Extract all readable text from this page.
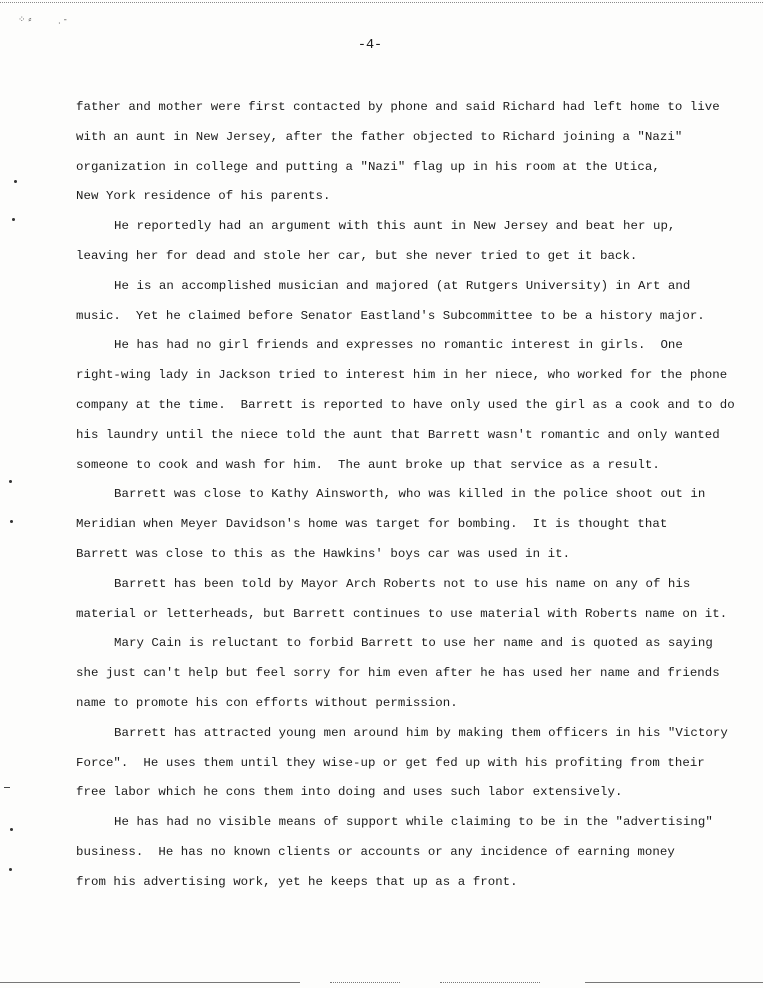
⁘ ⸗	⸒ -
-4-
father and mother were first contacted by phone and said Richard had left home to live
with an aunt in New Jersey, after the father objected to Richard joining a "Nazi"
organization in college and putting a "Nazi" flag up in his room at the Utica,
New York residence of his parents.
He reportedly had an argument with this aunt in New Jersey and beat her up,
leaving her for dead and stole her car, but she never tried to get it back.
He is an accomplished musician and majored (at Rutgers University) in Art and
music.  Yet he claimed before Senator Eastland's Subcommittee to be a history major.
He has had no girl friends and expresses no romantic interest in girls.  One
right-wing lady in Jackson tried to interest him in her niece, who worked for the phone
company at the time.  Barrett is reported to have only used the girl as a cook and to do
his laundry until the niece told the aunt that Barrett wasn't romantic and only wanted
someone to cook and wash for him.  The aunt broke up that service as a result.
Barrett was close to Kathy Ainsworth, who was killed in the police shoot out in
Meridian when Meyer Davidson's home was target for bombing.  It is thought that
Barrett was close to this as the Hawkins' boys car was used in it.
Barrett has been told by Mayor Arch Roberts not to use his name on any of his
material or letterheads, but Barrett continues to use material with Roberts name on it.
Mary Cain is reluctant to forbid Barrett to use her name and is quoted as saying
she just can't help but feel sorry for him even after he has used her name and friends
name to promote his con efforts without permission.
Barrett has attracted young men around him by making them officers in his "Victory
Force".  He uses them until they wise-up or get fed up with his profiting from their
free labor which he cons them into doing and uses such labor extensively.
He has had no visible means of support while claiming to be in the "advertising"
business.  He has no known clients or accounts or any incidence of earning money
from his advertising work, yet he keeps that up as a front.
